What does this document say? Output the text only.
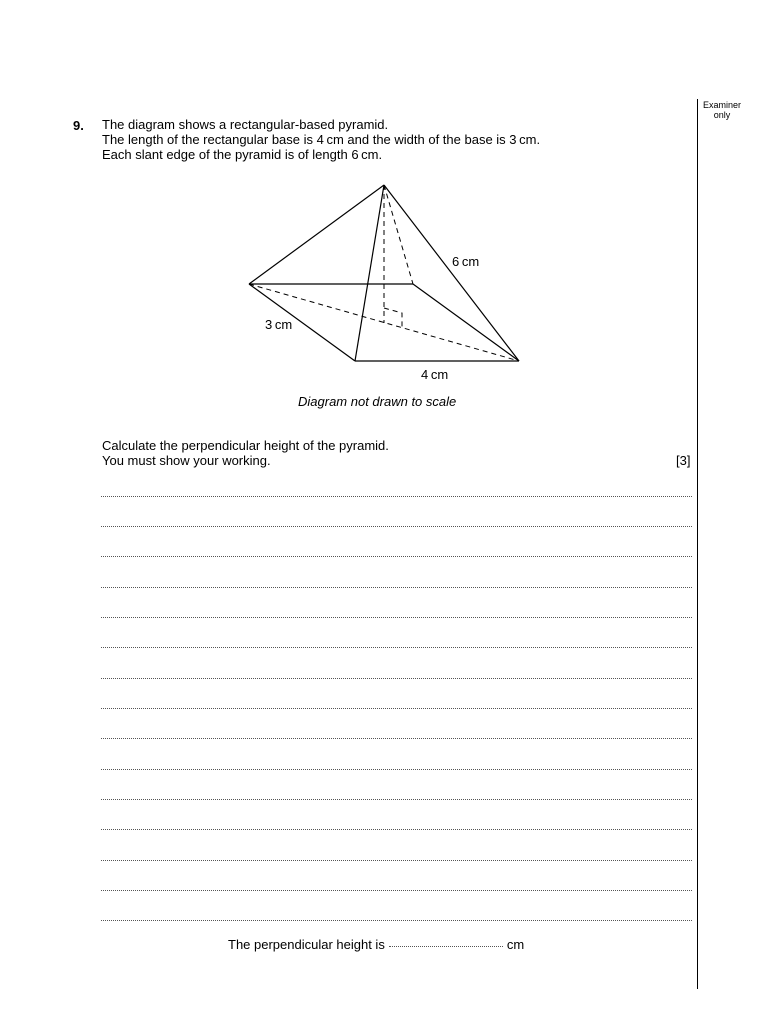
Examiner
only
9. The diagram shows a rectangular-based pyramid.
The length of the rectangular base is 4 cm and the width of the base is 3 cm.
Each slant edge of the pyramid is of length 6 cm.
6 cm
3 cm
4 cm
Diagram not drawn to scale
Calculate the perpendicular height of the pyramid.
You must show your working.	[3]
The perpendicular height is	cm
